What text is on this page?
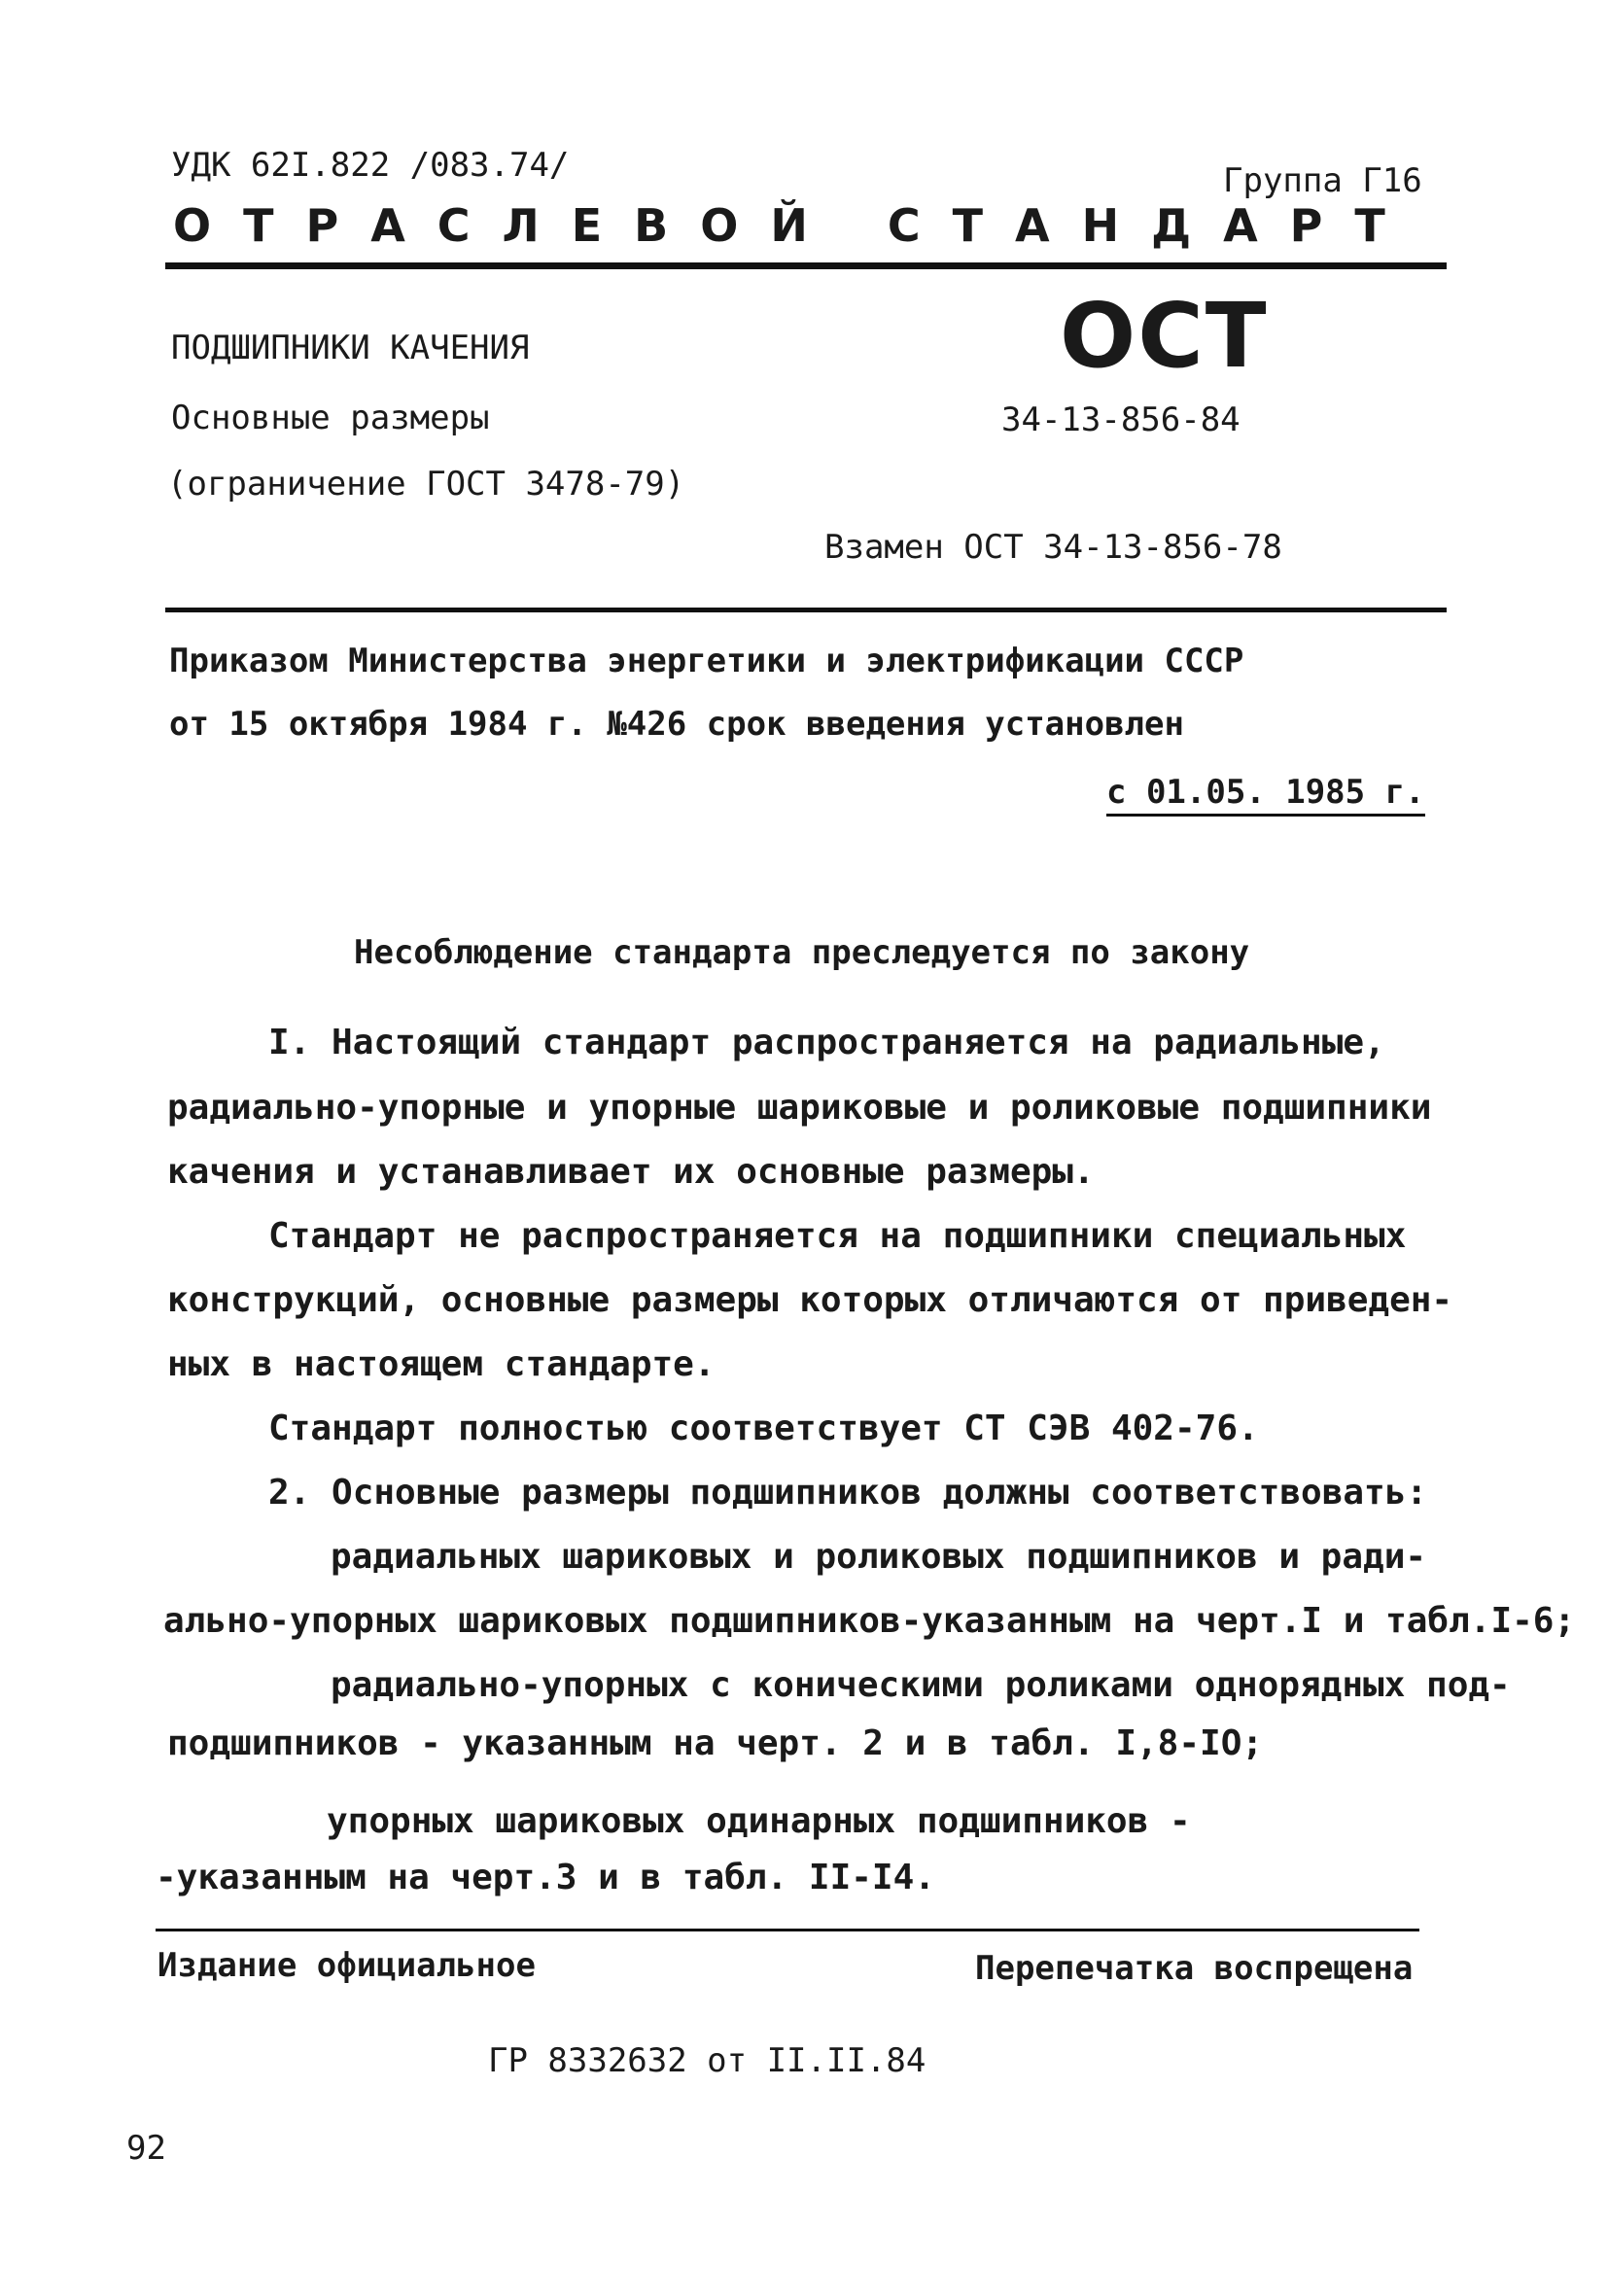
УДК 62I.822 /083.74/	Группа Г16
ОТРАСЛЕВОЙ СТАНДАРТ
ПОДШИПНИКИ КАЧЕНИЯ
Основные размеры
(ограничение ГОСТ 3478-79)
ОСТ
34-13-856-84
Взамен ОСТ 34-13-856-78
Приказом Министерства энергетики и электрификации СССР
от 15 октября 1984 г. №426 срок введения установлен
с 01.05. 1985 г.
Несоблюдение стандарта преследуется по закону
I. Настоящий стандарт распространяется на радиальные,
радиально-упорные и упорные шариковые и роликовые подшипники
качения и устанавливает их основные размеры.
Стандарт не распространяется на подшипники специальных
конструкций, основные размеры которых отличаются от приведен-
ных в настоящем стандарте.
Стандарт полностью соответствует СТ СЭВ 402-76.
2. Основные размеры подшипников должны соответствовать:
радиальных шариковых и роликовых подшипников и ради-
ально-упорных шариковых подшипников-указанным на черт.I и табл.I-6;
радиально-упорных с коническими роликами однорядных под-
подшипников - указанным на черт. 2 и в табл. I,8-IO;
упорных шариковых одинарных подшипников -
-указанным на черт.3 и в табл. II-I4.
Издание официальное	Перепечатка воспрещена
ГР 8332632 от II.II.84
92
